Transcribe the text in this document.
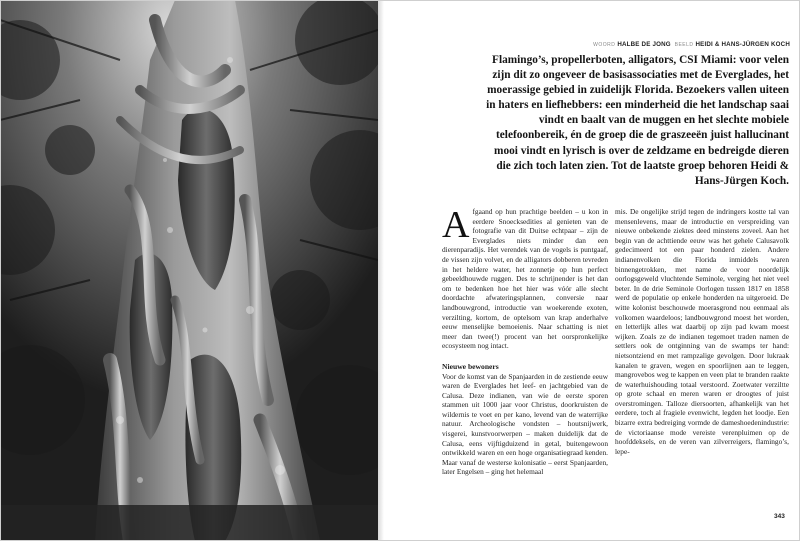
WOORD HALBE DE JONG BEELD HEIDI & HANS-JÜRGEN KOCH
Flamingo’s, propellerboten, alligators, CSI Miami: voor velen zijn dit zo ongeveer de basisassociaties met de Everglades, het moerassige gebied in zuidelijk Florida. Bezoekers vallen uiteen in haters en liefhebbers: een minderheid die het landschap saai vindt en baalt van de muggen en het slechte mobiele telefoonbereik, én de groep die de graszeeën juist hallucinant mooi vindt en lyrisch is over de zeldzame en bedreigde dieren die zich toch laten zien. Tot de laatste groep behoren Heidi & Hans-Jürgen Koch.

Afgaand op hun prachtige beelden – u kon in eerdere Snoecksedities al genieten van de fotografie van dit Duitse echtpaar – zijn de Everglades niets minder dan een dierenparadijs. Het verendek van de vogels is puntgaaf, de vissen zijn volvet, en de alligators dobberen tevreden in het heldere water, het zonnetje op hun perfect gebeeldhouwde ruggen. Des te schrijnender is het dan om te bedenken hoe het hier was vóór alle slecht doordachte afwateringsplannen, conversie naar landbouwgrond, introductie van woekerende exoten, verzilting, kortom, de optelsom van krap anderhalve eeuw menselijke bemoeienis. Naar schatting is niet meer dan twee(!) procent van het oorspronkelijke ecosysteem nog intact.

Nieuwe bewoners

Voor de komst van de Spanjaarden in de zestiende eeuw waren de Everglades het leef- en jachtgebied van de Calusa. Deze indianen, van wie de eerste sporen stammen uit 1000 jaar voor Christus, doorkruisten de wildernis te voet en per kano, levend van de waterrijke natuur. Archeologische vondsten – houtsnijwerk, visgerei, kunstvoorwerpen – maken duidelijk dat de Calusa, eens vijftigduizend in getal, buitengewoon ontwikkeld waren en een hoge organisatiegraad kenden. Maar vanaf de westerse kolonisatie – eerst Spanjaarden, later Engelsen – ging het helemaal

mis. De ongelijke strijd tegen de indringers kostte tal van mensenlevens, maar de introductie en verspreiding van nieuwe onbekende ziektes deed minstens zoveel. Aan het begin van de achttiende eeuw was het gehele Calusavolk gedecimeerd tot een paar honderd zielen. Andere indianenvolken die Florida inmiddels waren binnengetrokken, met name de voor noordelijk oorlogsgeweld vluchtende Seminole, verging het niet veel beter. In de drie Seminole Oorlogen tussen 1817 en 1858 werd de populatie op enkele honderden na uitgeroeid. De witte kolonist beschouwde moerasgrond nou eenmaal als volkomen waardeloos; landbouwgrond moest het worden, en letterlijk alles wat daarbij op zijn pad kwam moest wijken. Zoals ze de indianen tegemoet traden namen de settlers ook de ontginning van de swamps ter hand: nietsontziend en met rampzalige gevolgen. Door lukraak kanalen te graven, wegen en spoorlijnen aan te leggen, mangrovebos weg te kappen en veen plat te branden raakte de waterhuishouding totaal verstoord. Zoetwater verziltte op grote schaal en meren waren er droogtes of juist overstromingen. Talloze diersoorten, afhankelijk van het eerdere, toch al fragiele evenwicht, legden het loodje. Een bizarre extra bedreiging vormde de dameshoedenindustrie: de victoriaanse mode vereiste verenpluimen op de hoofddeksels, en de veren van zilverreigers, flamingo’s, lepe-

343
